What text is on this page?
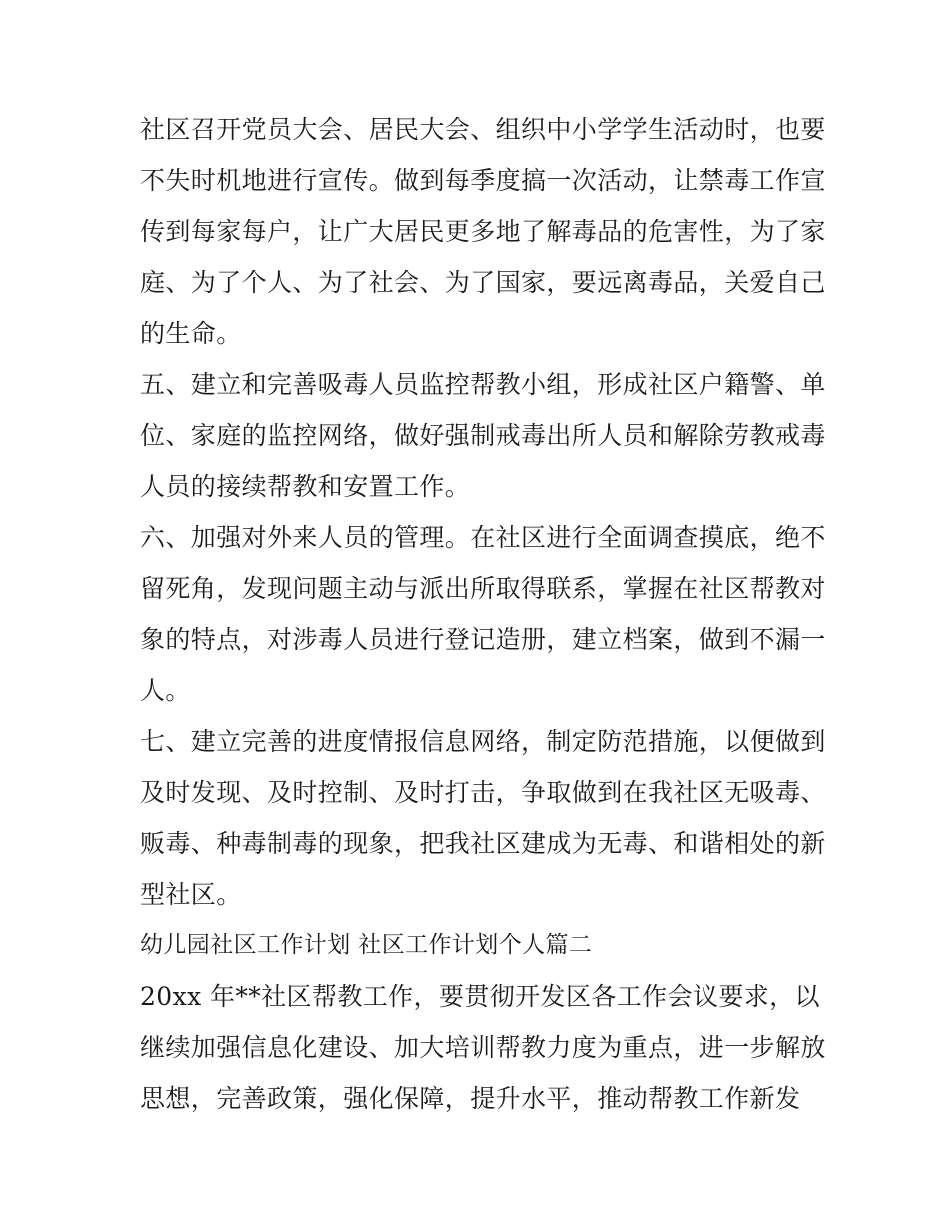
社区召开党员大会、居民大会、组织中小学学生活动时，也要
不失时机地进行宣传。做到每季度搞一次活动，让禁毒工作宣
传到每家每户，让广大居民更多地了解毒品的危害性，为了家
庭、为了个人、为了社会、为了国家，要远离毒品，关爱自己
的生命。
五、建立和完善吸毒人员监控帮教小组，形成社区户籍警、单
位、家庭的监控网络，做好强制戒毒出所人员和解除劳教戒毒
人员的接续帮教和安置工作。
六、加强对外来人员的管理。在社区进行全面调查摸底，绝不
留死角，发现问题主动与派出所取得联系，掌握在社区帮教对
象的特点，对涉毒人员进行登记造册，建立档案，做到不漏一
人。
七、建立完善的进度情报信息网络，制定防范措施，以便做到
及时发现、及时控制、及时打击，争取做到在我社区无吸毒、
贩毒、种毒制毒的现象，把我社区建成为无毒、和谐相处的新
型社区。
幼儿园社区工作计划 社区工作计划个人篇二
20xx 年**社区帮教工作，要贯彻开发区各工作会议要求，以
继续加强信息化建设、加大培训帮教力度为重点，进一步解放
思想，完善政策，强化保障，提升水平，推动帮教工作新发
